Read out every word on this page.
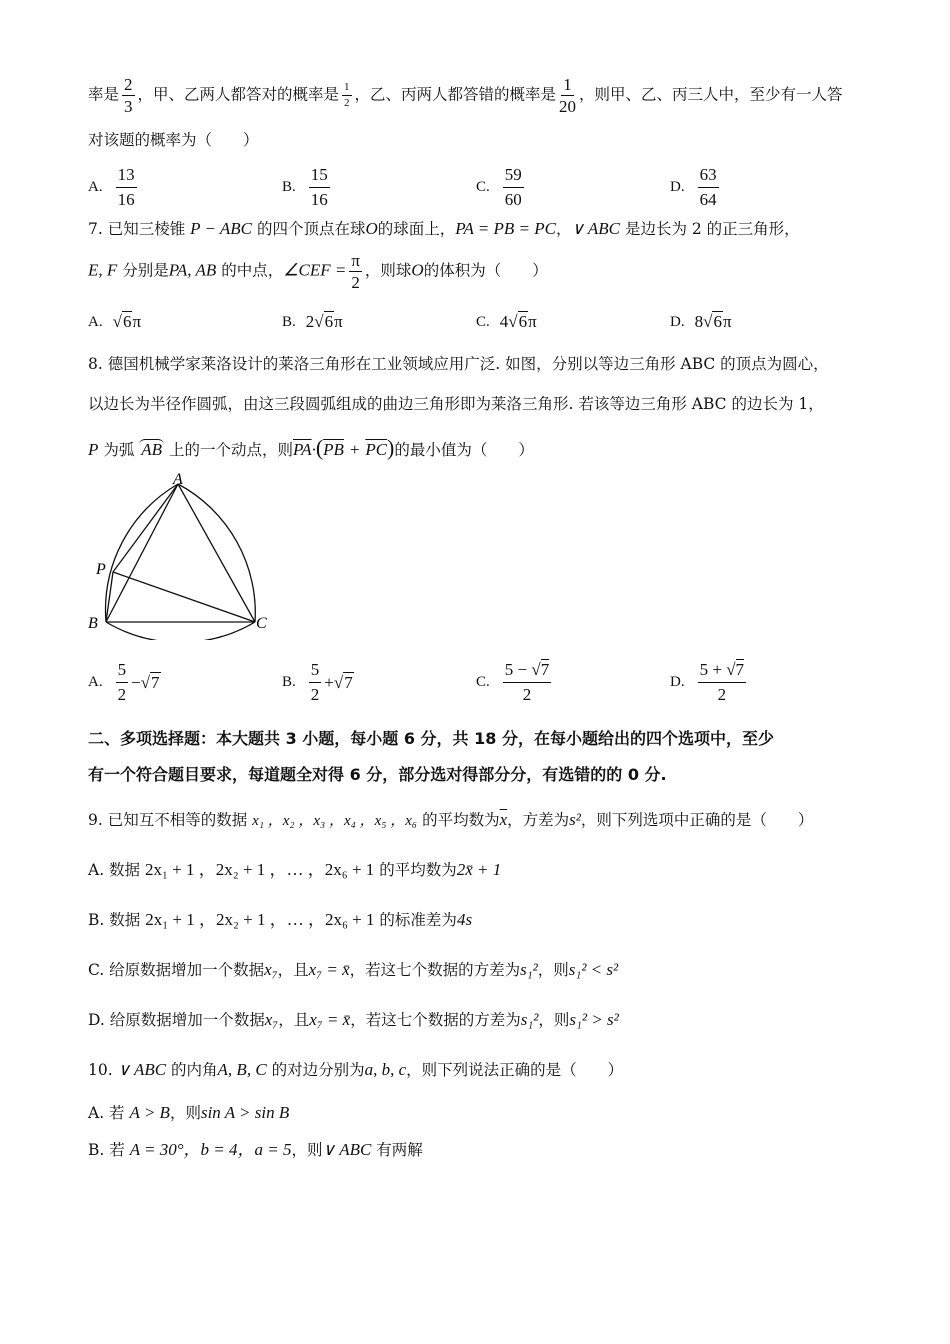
率是 $\frac{2}{3}$ ，甲、乙两人都答对的概率是 $\frac{1}{2}$ ，乙、丙两人都答错的概率是 $\frac{1}{20}$ ，则甲、乙、丙三人中，至少有一人答
对该题的概率为（　　）
A. $\frac{13}{16}$	B. $\frac{15}{16}$	C. $\frac{59}{60}$	D. $\frac{63}{64}$
7. 已知三棱锥 P − ABC 的四个顶点在球O的球面上，PA = PB = PC，∨ ABC 是边长为 2 的正三角形，
E, F 分别是PA, AB 的中点，∠CEF = $\frac{\pi}{2}$ ，则球O的体积为（　　）
A. √6π	B. 2√6π	C. 4√6π	D. 8√6π
8. 德国机械学家莱洛设计的莱洛三角形在工业领域应用广泛. 如图，分别以等边三角形 ABC 的顶点为圆心，
以边长为半径作圆弧，由这三段圆弧组成的曲边三角形即为莱洛三角形. 若该等边三角形 ABC 的边长为 1，
P 为弧 AB 上的一个动点，则$\overline{PA}\cdot(\overline{PB} + \overline{PC})$的最小值为（　　）
A
P
B	C
A. $\frac{5}{2} -√7$	B. $\frac{5}{2} +√7$	C. $\frac{5 - √7}{2}$	D. $\frac{5 + √7}{2}$
二、多项选择题：本大题共 3 小题，每小题 6 分，共 18 分，在每小题给出的四个选项中，至少
有一个符合题目要求，每道题全对得 6 分，部分选对得部分分，有选错的的 0 分.
9. 已知互不相等的数据 x₁ ，x₂ ，x₃ ，x₄ ，x₅ ，x₆ 的平均数为$\overline{x}$，方差为s²，则下列选项中正确的是（　　）
A. 数据 2x₁ + 1 ，2x₂ + 1 ，… ，2x₆ + 1 的平均数为2x̄ + 1
B. 数据 2x₁ + 1 ，2x₂ + 1 ，… ，2x₆ + 1 的标准差为4s
C. 给原数据增加一个数据x₇，且x₇ = x̄，若这七个数据的方差为s₁²，则s₁² < s²
D. 给原数据增加一个数据x₇，且x₇ = x̄，若这七个数据的方差为s₁²，则s₁² > s²
10. ∨ ABC 的内角A, B, C 的对边分别为a, b, c，则下列说法正确的是（　　）
A. 若 A > B，则sin A > sin B
B. 若 A = 30°，b = 4，a = 5，则∨ ABC 有两解
